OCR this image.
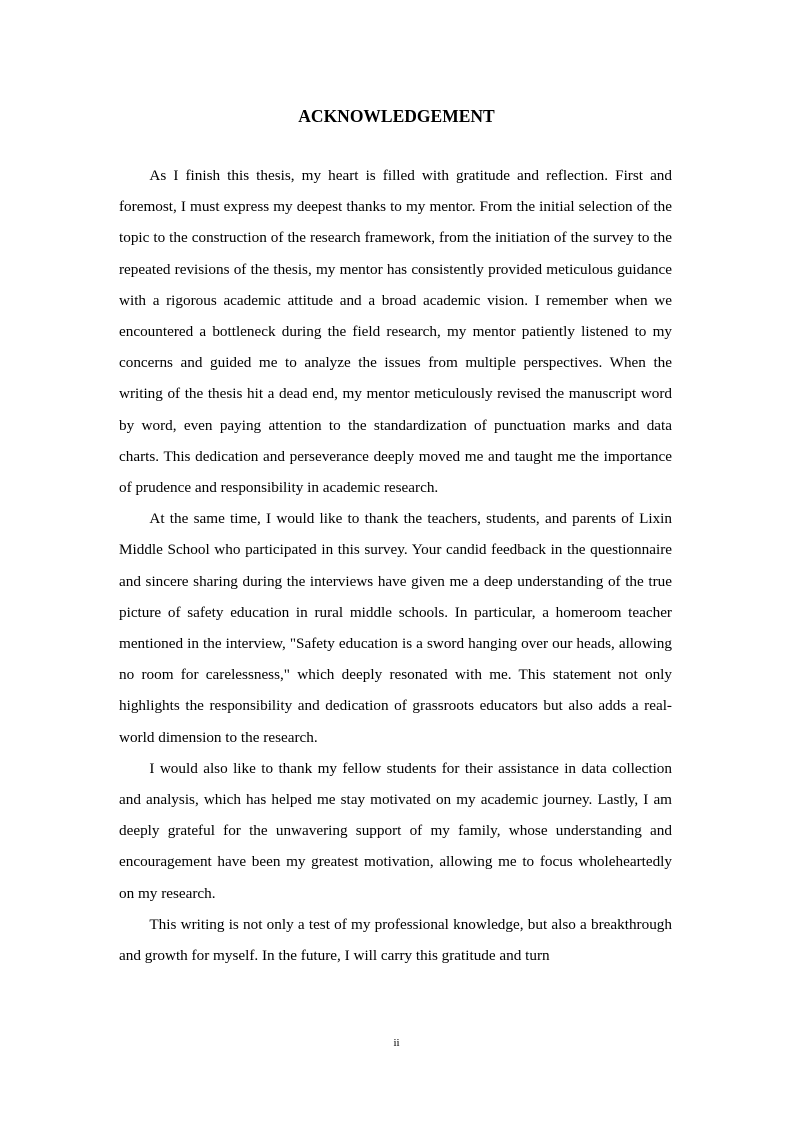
ACKNOWLEDGEMENT

As I finish this thesis, my heart is filled with gratitude and reflection. First and foremost, I must express my deepest thanks to my mentor. From the initial selection of the topic to the construction of the research framework, from the initiation of the survey to the repeated revisions of the thesis, my mentor has consistently provided meticulous guidance with a rigorous academic attitude and a broad academic vision. I remember when we encountered a bottleneck during the field research, my mentor patiently listened to my concerns and guided me to analyze the issues from multiple perspectives. When the writing of the thesis hit a dead end, my mentor meticulously revised the manuscript word by word, even paying attention to the standardization of punctuation marks and data charts. This dedication and perseverance deeply moved me and taught me the importance of prudence and responsibility in academic research.

At the same time, I would like to thank the teachers, students, and parents of Lixin Middle School who participated in this survey. Your candid feedback in the questionnaire and sincere sharing during the interviews have given me a deep understanding of the true picture of safety education in rural middle schools. In particular, a homeroom teacher mentioned in the interview, "Safety education is a sword hanging over our heads, allowing no room for carelessness," which deeply resonated with me. This statement not only highlights the responsibility and dedication of grassroots educators but also adds a real-world dimension to the research.

I would also like to thank my fellow students for their assistance in data collection and analysis, which has helped me stay motivated on my academic journey. Lastly, I am deeply grateful for the unwavering support of my family, whose understanding and encouragement have been my greatest motivation, allowing me to focus wholeheartedly on my research.

This writing is not only a test of my professional knowledge, but also a breakthrough and growth for myself. In the future, I will carry this gratitude and turn

ii
